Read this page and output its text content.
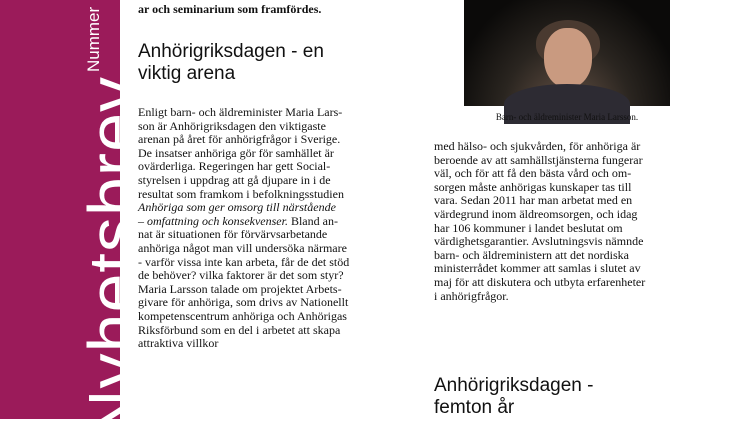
Nummer
Nyhetsbrev

ar och seminarium som framfördes.

Anhörigriksdagen - en
viktig arena

Enligt barn- och äldreminister Maria Lars-
son är Anhörigriksdagen den viktigaste
arenan på året för anhörigfrågor i Sverige.
De insatser anhöriga gör för samhället är
ovärderliga. Regeringen har gett Social-
styrelsen i uppdrag att gå djupare in i de
resultat som framkom i befolkningsstudien
Anhöriga som ger omsorg till närstående
– omfattning och konsekvenser. Bland an-
nat är situationen för förvärvsarbetande
anhöriga något man vill undersöka närmare
- varför vissa inte kan arbeta, får de det stöd
de behöver? vilka faktorer är det som styr?
Maria Larsson talade om projektet Arbets-
givare för anhöriga, som drivs av Nationellt
kompetenscentrum anhöriga och Anhörigas
Riksförbund som en del i arbetet att skapa
attraktiva villkor

Barn- och äldreminister Maria Larsson.

med hälso- och sjukvården, för anhöriga är
beroende av att samhällstjänsterna fungerar
väl, och för att få den bästa vård och om-
sorgen måste anhörigas kunskaper tas till
vara. Sedan 2011 har man arbetat med en
värdegrund inom äldreomsorgen, och idag
har 106 kommuner i landet beslutat om
värdighetsgarantier. Avslutningsvis nämnde
barn- och äldreministern att det nordiska
ministerrådet kommer att samlas i slutet av
maj för att diskutera och utbyta erfarenheter
i anhörigfrågor.

Anhörigriksdagen -
femton år
